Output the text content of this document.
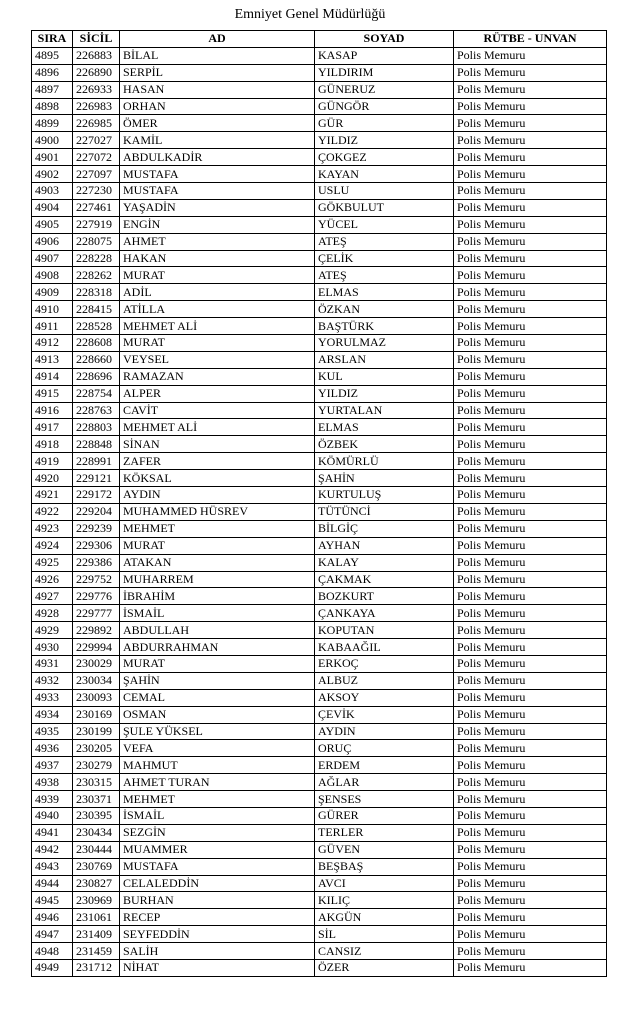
Emniyet Genel Müdürlüğü
SIRA	SİCİL	AD	SOYAD	RÜTBE - UNVAN
4895	226883	BİLAL	KASAP	Polis Memuru
4896	226890	SERPİL	YILDIRIM	Polis Memuru
4897	226933	HASAN	GÜNERUZ	Polis Memuru
4898	226983	ORHAN	GÜNGÖR	Polis Memuru
4899	226985	ÖMER	GÜR	Polis Memuru
4900	227027	KAMİL	YILDIZ	Polis Memuru
4901	227072	ABDULKADİR	ÇOKGEZ	Polis Memuru
4902	227097	MUSTAFA	KAYAN	Polis Memuru
4903	227230	MUSTAFA	USLU	Polis Memuru
4904	227461	YAŞADİN	GÖKBULUT	Polis Memuru
4905	227919	ENGİN	YÜCEL	Polis Memuru
4906	228075	AHMET	ATEŞ	Polis Memuru
4907	228228	HAKAN	ÇELİK	Polis Memuru
4908	228262	MURAT	ATEŞ	Polis Memuru
4909	228318	ADİL	ELMAS	Polis Memuru
4910	228415	ATİLLA	ÖZKAN	Polis Memuru
4911	228528	MEHMET ALİ	BAŞTÜRK	Polis Memuru
4912	228608	MURAT	YORULMAZ	Polis Memuru
4913	228660	VEYSEL	ARSLAN	Polis Memuru
4914	228696	RAMAZAN	KUL	Polis Memuru
4915	228754	ALPER	YILDIZ	Polis Memuru
4916	228763	CAVİT	YURTALAN	Polis Memuru
4917	228803	MEHMET ALİ	ELMAS	Polis Memuru
4918	228848	SİNAN	ÖZBEK	Polis Memuru
4919	228991	ZAFER	KÖMÜRLÜ	Polis Memuru
4920	229121	KÖKSAL	ŞAHİN	Polis Memuru
4921	229172	AYDIN	KURTULUŞ	Polis Memuru
4922	229204	MUHAMMED HÜSREV	TÜTÜNCİ	Polis Memuru
4923	229239	MEHMET	BİLGİÇ	Polis Memuru
4924	229306	MURAT	AYHAN	Polis Memuru
4925	229386	ATAKAN	KALAY	Polis Memuru
4926	229752	MUHARREM	ÇAKMAK	Polis Memuru
4927	229776	İBRAHİM	BOZKURT	Polis Memuru
4928	229777	İSMAİL	ÇANKAYA	Polis Memuru
4929	229892	ABDULLAH	KOPUTAN	Polis Memuru
4930	229994	ABDURRAHMAN	KABAAĞIL	Polis Memuru
4931	230029	MURAT	ERKOÇ	Polis Memuru
4932	230034	ŞAHİN	ALBUZ	Polis Memuru
4933	230093	CEMAL	AKSOY	Polis Memuru
4934	230169	OSMAN	ÇEVİK	Polis Memuru
4935	230199	ŞULE YÜKSEL	AYDIN	Polis Memuru
4936	230205	VEFA	ORUÇ	Polis Memuru
4937	230279	MAHMUT	ERDEM	Polis Memuru
4938	230315	AHMET TURAN	AĞLAR	Polis Memuru
4939	230371	MEHMET	ŞENSES	Polis Memuru
4940	230395	İSMAİL	GÜRER	Polis Memuru
4941	230434	SEZGİN	TERLER	Polis Memuru
4942	230444	MUAMMER	GÜVEN	Polis Memuru
4943	230769	MUSTAFA	BEŞBAŞ	Polis Memuru
4944	230827	CELALEDDİN	AVCI	Polis Memuru
4945	230969	BURHAN	KILIÇ	Polis Memuru
4946	231061	RECEP	AKGÜN	Polis Memuru
4947	231409	SEYFEDDİN	SİL	Polis Memuru
4948	231459	SALİH	CANSIZ	Polis Memuru
4949	231712	NİHAT	ÖZER	Polis Memuru
